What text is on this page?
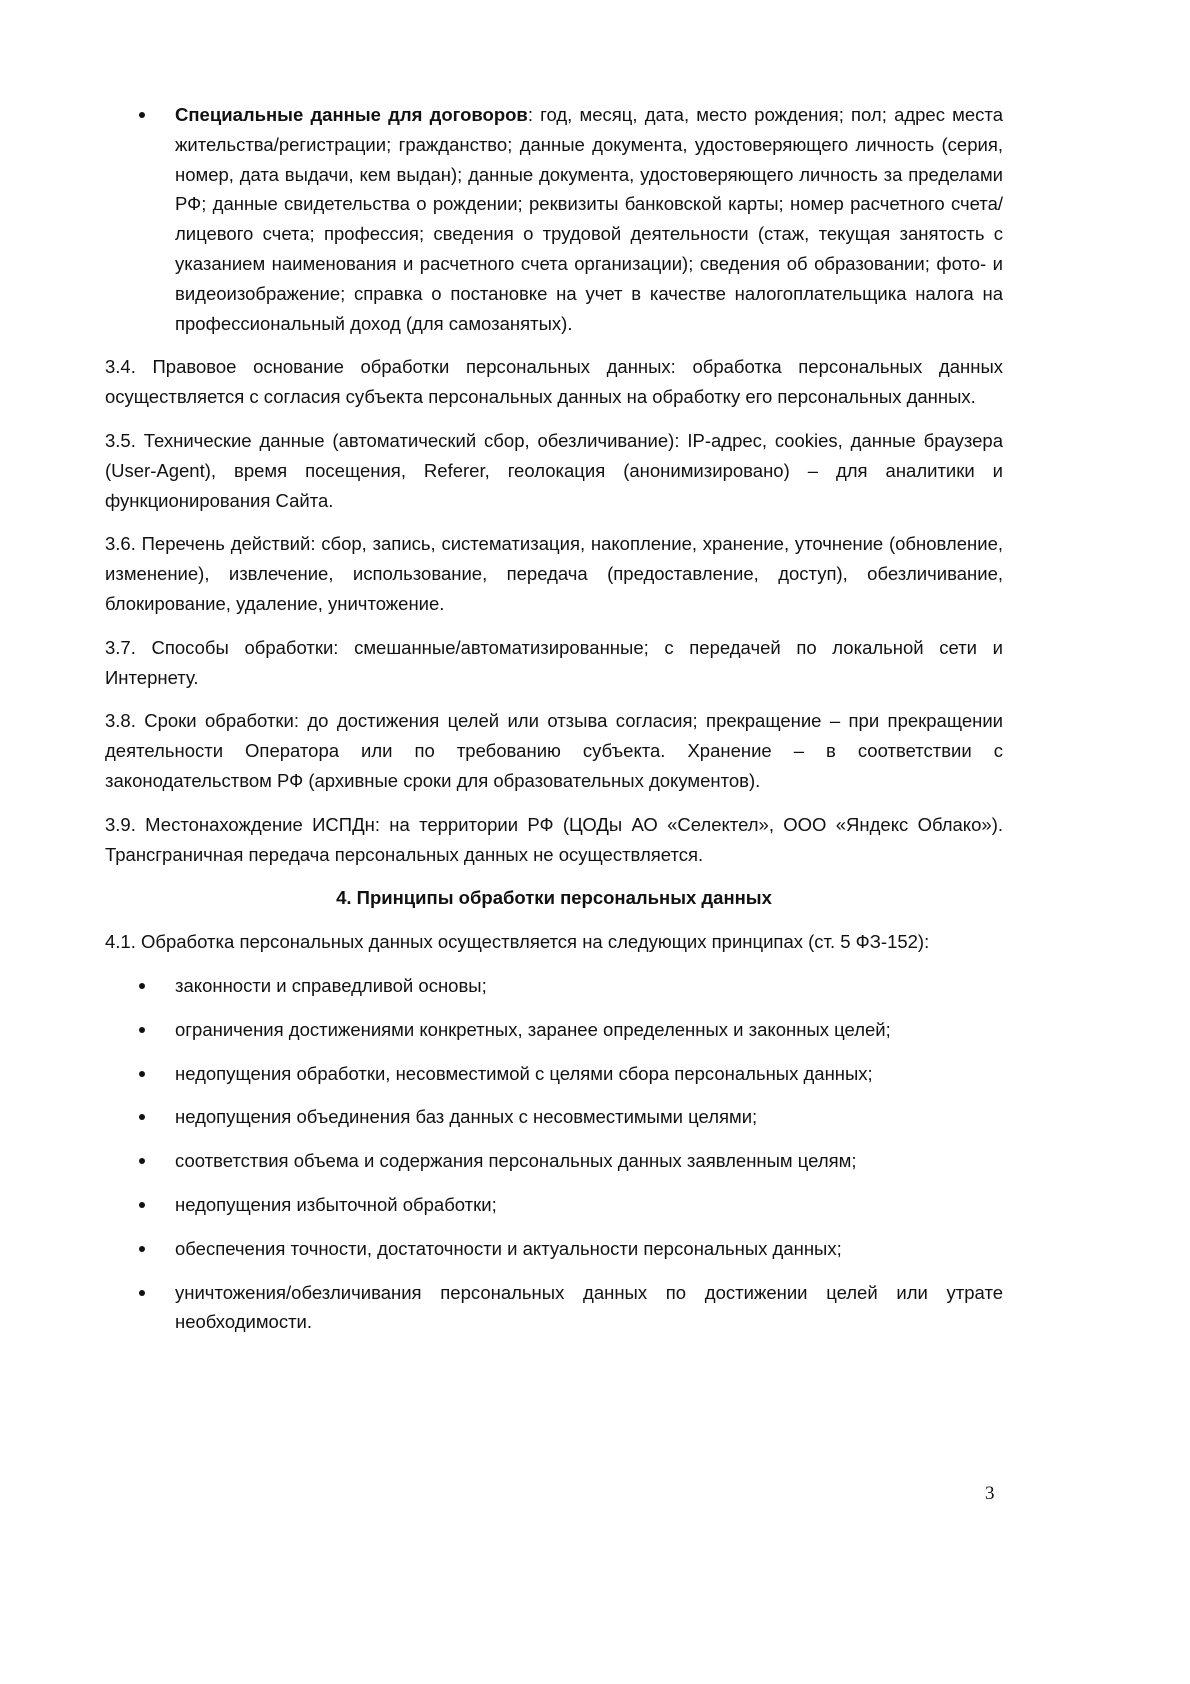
Специальные данные для договоров: год, месяц, дата, место рождения; пол; адрес места жительства/регистрации; гражданство; данные документа, удостоверяющего личность (серия, номер, дата выдачи, кем выдан); данные документа, удостоверяющего личность за пределами РФ; данные свидетельства о рождении; реквизиты банковской карты; номер расчетного счета/лицевого счета; профессия; сведения о трудовой деятельности (стаж, текущая занятость с указанием наименования и расчетного счета организации); сведения об образовании; фото- и видеоизображение; справка о постановке на учет в качестве налогоплательщика налога на профессиональный доход (для самозанятых).

3.4. Правовое основание обработки персональных данных: обработка персональных данных осуществляется с согласия субъекта персональных данных на обработку его персональных данных.

3.5. Технические данные (автоматический сбор, обезличивание): IP-адрес, cookies, данные браузера (User-Agent), время посещения, Referer, геолокация (анонимизировано) – для аналитики и функционирования Сайта.

3.6. Перечень действий: сбор, запись, систематизация, накопление, хранение, уточнение (обновление, изменение), извлечение, использование, передача (предоставление, доступ), обезличивание, блокирование, удаление, уничтожение.

3.7. Способы обработки: смешанные/автоматизированные; с передачей по локальной сети и Интернету.

3.8. Сроки обработки: до достижения целей или отзыва согласия; прекращение – при прекращении деятельности Оператора или по требованию субъекта. Хранение – в соответствии с законодательством РФ (архивные сроки для образовательных документов).

3.9. Местонахождение ИСПДн: на территории РФ (ЦОДы АО «Селектел», ООО «Яндекс Облако»). Трансграничная передача персональных данных не осуществляется.

4. Принципы обработки персональных данных

4.1. Обработка персональных данных осуществляется на следующих принципах (ст. 5 ФЗ-152):

законности и справедливой основы;
ограничения достижениями конкретных, заранее определенных и законных целей;
недопущения обработки, несовместимой с целями сбора персональных данных;
недопущения объединения баз данных с несовместимыми целями;
соответствия объема и содержания персональных данных заявленным целям;
недопущения избыточной обработки;
обеспечения точности, достаточности и актуальности персональных данных;
уничтожения/обезличивания персональных данных по достижении целей или утрате необходимости.
3
